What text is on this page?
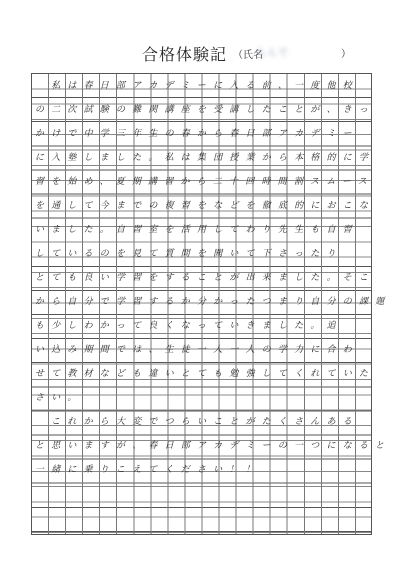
合格体験記 （氏名
もんで	）
　私は春日部アカデミーに入る前、一度他校
の二次試験の難関講座を受講したことが、きっ
かけで中学三年生の春から春日部アカデミー
に入塾しました。私は集団授業から本格的に学
習を始め、夏期講習から二十回時間割スムース
を通して今までの復習をなどを徹底的におこな
いました。自習室を活用してわり先生も自習
しているのを見て質問を聞いて下さったり
とても良い学習をすることが出来ました。そこ
から自分で学習するか分かったつまり自分の課題
も少しわかって良くなっていきました。追
い込み期間では、生徒一人一人の学力に合わ
せて教材なども違いとても勉強してくれていた
さい。
　これから大変でつらいことがたくさんある
と思いますが、春日部アカデミーの一つになると
一緒に乗りこえてください！！
